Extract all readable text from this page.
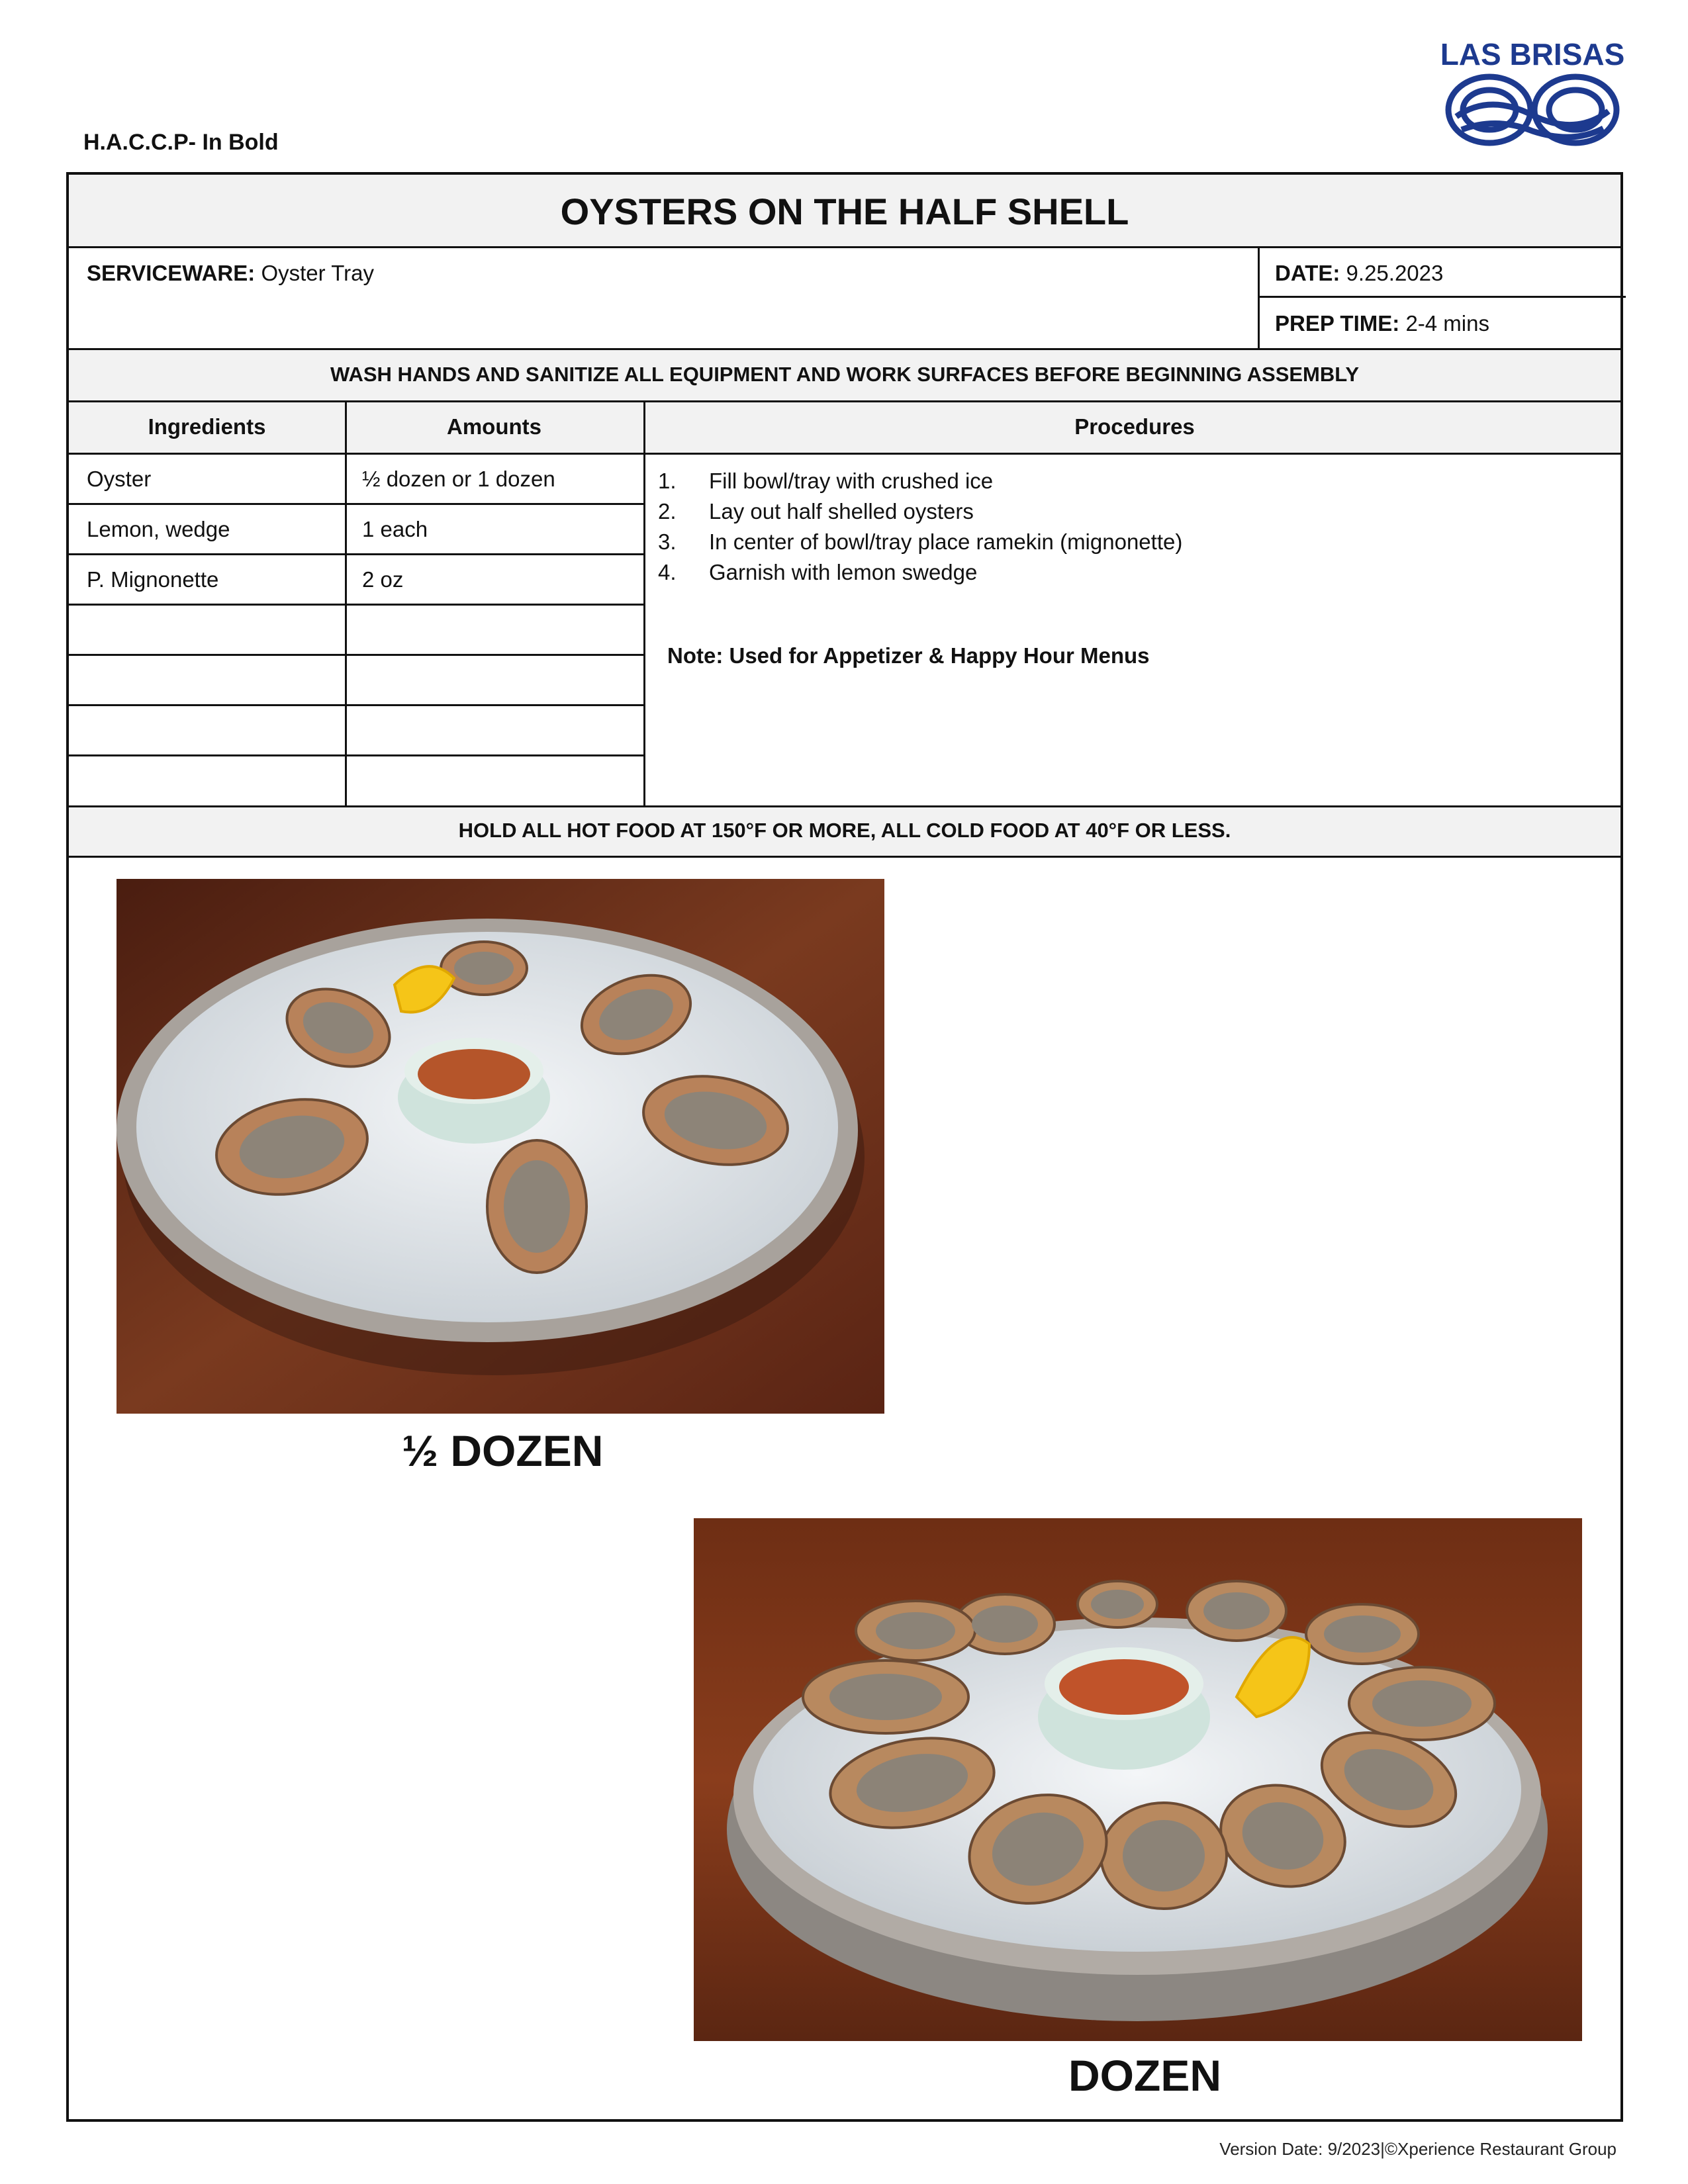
H.A.C.C.P- In Bold
LAS BRISAS
OYSTERS ON THE HALF SHELL
SERVICEWARE: Oyster Tray	DATE: 9.25.2023
PREP TIME: 2-4 mins
WASH HANDS AND SANITIZE ALL EQUIPMENT AND WORK SURFACES BEFORE BEGINNING ASSEMBLY
Ingredients	Amounts	Procedures
Oyster	½ dozen or 1 dozen
Lemon, wedge	1 each
P. Mignonette	2 oz
1. Fill bowl/tray with crushed ice
2. Lay out half shelled oysters
3. In center of bowl/tray place ramekin (mignonette)
4. Garnish with lemon swedge
Note: Used for Appetizer & Happy Hour Menus
HOLD ALL HOT FOOD AT 150°F OR MORE, ALL COLD FOOD AT 40°F OR LESS.
½ DOZEN
DOZEN
Version Date: 9/2023|©Xperience Restaurant Group
